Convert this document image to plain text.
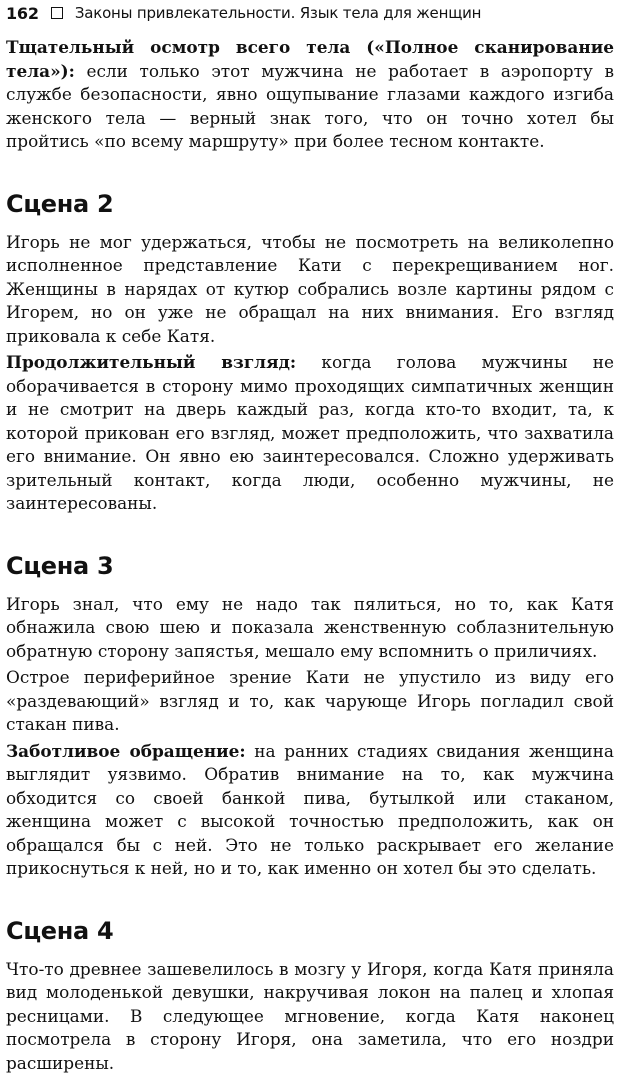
162 Законы привлекательности. Язык тела для женщин

Тщательный осмотр всего тела («Полное сканирование тела»): если только этот мужчина не работает в аэропорту в службе безопасности, явно ощупывание глазами каждого изгиба женского тела — верный знак того, что он точно хотел бы пройтись «по всему маршруту» при более тесном контакте.

Сцена 2

Игорь не мог удержаться, чтобы не посмотреть на великолепно исполненное представление Кати с перекрещиванием ног. Женщины в нарядах от кутюр собрались возле картины рядом с Игорем, но он уже не обращал на них внимания. Его взгляд приковала к себе Катя.

Продолжительный взгляд: когда голова мужчины не оборачивается в сторону мимо проходящих симпатичных женщин и не смотрит на дверь каждый раз, когда кто-то входит, та, к которой прикован его взгляд, может предположить, что захватила его внимание. Он явно ею заинтересовался. Сложно удерживать зрительный контакт, когда люди, особенно мужчины, не заинтересованы.

Сцена 3

Игорь знал, что ему не надо так пялиться, но то, как Катя обнажила свою шею и показала женственную соблазнительную обратную сторону запястья, мешало ему вспомнить о приличиях.

Острое периферийное зрение Кати не упустило из виду его «раздевающий» взгляд и то, как чарующе Игорь погладил свой стакан пива.

Заботливое обращение: на ранних стадиях свидания женщина выглядит уязвимо. Обратив внимание на то, как мужчина обходится со своей банкой пива, бутылкой или стаканом, женщина может с высокой точностью предположить, как он обращался бы с ней. Это не только раскрывает его желание прикоснуться к ней, но и то, как именно он хотел бы это сделать.

Сцена 4

Что-то древнее зашевелилось в мозгу у Игоря, когда Катя приняла вид молоденькой девушки, накручивая локон на палец и хлопая ресницами. В следующее мгновение, когда Катя наконец посмотрела в сторону Игоря, она заметила, что его ноздри расширены.
